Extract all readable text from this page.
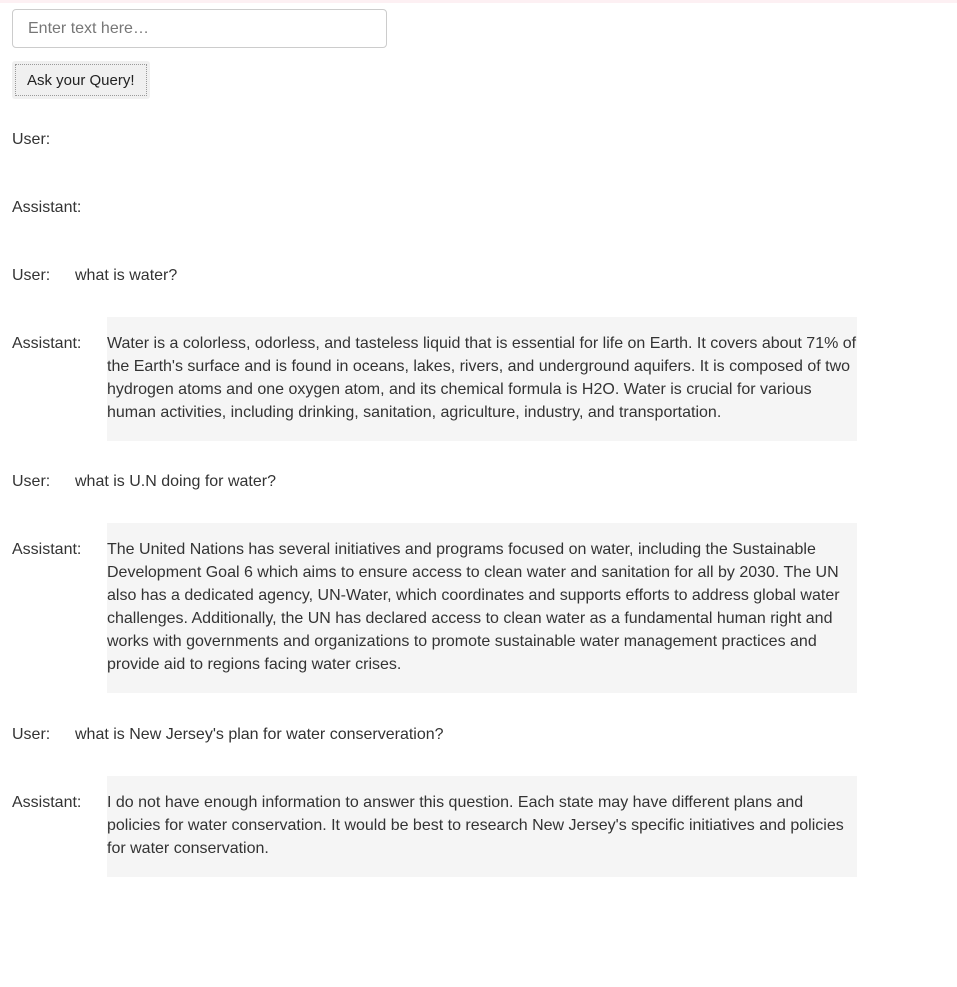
Enter text here…
Ask your Query!
User:
Assistant:
User: what is water?
Assistant: Water is a colorless, odorless, and tasteless liquid that is essential for life on Earth. It covers about 71% of the Earth's surface and is found in oceans, lakes, rivers, and underground aquifers. It is composed of two hydrogen atoms and one oxygen atom, and its chemical formula is H2O. Water is crucial for various human activities, including drinking, sanitation, agriculture, industry, and transportation.
User: what is U.N doing for water?
Assistant: The United Nations has several initiatives and programs focused on water, including the Sustainable Development Goal 6 which aims to ensure access to clean water and sanitation for all by 2030. The UN also has a dedicated agency, UN-Water, which coordinates and supports efforts to address global water challenges. Additionally, the UN has declared access to clean water as a fundamental human right and works with governments and organizations to promote sustainable water management practices and provide aid to regions facing water crises.
User: what is New Jersey's plan for water conserveration?
Assistant: I do not have enough information to answer this question. Each state may have different plans and policies for water conservation. It would be best to research New Jersey's specific initiatives and policies for water conservation.
